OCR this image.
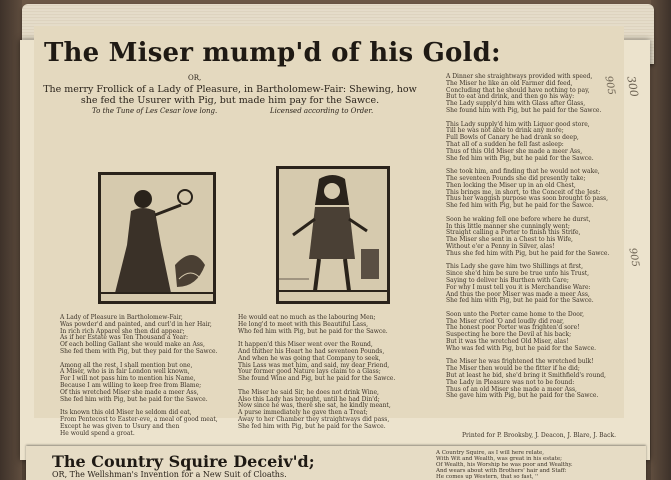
The Miser mump'd of his Gold:
OR,
The merry Frollick of a Lady of Pleasure, in Bartholomew-Fair: Shewing, how she fed the Usurer with Pig, but made him pay for the Sawce.
To the Tune of Les Cesar love long.	Licensed according to Order.
A Lady of Pleasure in Bartholomew-Fair,
Was powder'd and painted, and curl'd in her Hair,
In rich rich Apparel she then did appear;
As if her Estate was Ten Thousand a Year:
Of each bolling Gallant she would make an Ass,
She fed them with Pig, but they paid for the Sawce.

Among all the rest, I shall mention but one,
A Miser, who is in fair London well known,
For I will not pass him to mention his Name,
Because I am willing to keep free from Blame;
Of this wretched Miser she made a meer Ass,
She fed him with Pig, but he paid for the Sawce.

Its known this old Miser he seldom did eat,
From Pentecost to Easter-eve, a meal of good meat,
Except he was given to Usury and then
He would spend a groat.
He would eat no much as the labouring Men;
He long'd to meet with this Beautiful Lass,
Who fed him with Pig, but he paid for the Sawce.

It happen'd this Miser went over the Round,
And thither his Heart he had seventeen Pounds,
And when he was going that Company to seek,
This Lass was met him, and said, my dear Friend,
Your former good Nature lays claim to a Glass;
She found Wine and Pig, but he paid for the Sawce.

The Miser he said Sir, he does not drink Wine,
Also this Lady has brought, until he had Din'd;
Now since he was, there she sat, he kindly meant,
A purse immediately he gave then a Treat;
Away to her Chamber they straightways did pass,
She fed him with Pig, but he paid for the Sawce.
A Dinner she straightways provided with speed,
The Miser he like an old Farmer did feed,
Concluding that he should have nothing to pay,
But to eat and drink, and then go his way:
The Lady supply'd him with Glass after Glass,
She found him with Pig, but he paid for the Sawce.

This Lady supply'd him with Liquor good store,
Till he was not able to drink any more;
Full Bowls of Canary he had drank so deep,
That all of a sudden he fell fast asleep:
Thus of this Old Miser she made a meer Ass,
She fed him with Pig, but he paid for the Sawce.

She took him, and finding that he would not wake,
The seventeen Pounds she did presently take;
Then locking the Miser up in an old Chest,
This brings me, in short, to the Conceit of the Jest:
Thus her waggish purpose was soon brought to pass,
She fed him with Pig, but he paid for the Sawce.

Soon he waking fell one before where he durst,
In this little manner she cunningly went;
Straight calling a Porter to finish this Strife,
The Miser she sent in a Chest to his Wife,
Without e'er a Penny in Silver, alas!
Thus she fed him with Pig, but he paid for the Sawce.

This Lady she gave him two Shillings at first,
Since she'd him be sure be true unto his Trust,
Saying to deliver his Burthen with Care;
For why I must tell you it is Merchandise Ware:
And thus the poor Miser was made a meer Ass,
She fed him with Pig, but he paid for the Sawce.

Soon unto the Porter came home to the Door,
The Miser cried 'O and loudly did roar,
The honest poor Porter was frighten'd sore!
Suspecting he bore the Devil at his back;
But it was the wretched Old Miser, alas!
Who was fed with Pig, but he paid for the Sawce.

The Miser he was frightened the wretched bulk!
The Miser then would be the fitter if he did;
But at least he bid, she'd bring it Smithfield's round,
The Lady in Pleasure was not to be found:
Thus of an old Miser she made a meer Ass,
She gave him with Pig, but he paid for the Sawce.
Printed for P. Brooksby, J. Deacon, J. Blare, J. Back.
905 300
905
The Country Squire Deceiv'd;
OR, The Wellshman's Invention for a New Suit of Cloaths.
A Country Squire, as I will here relate,
With Wit and Wealth, was great in his estate;
Of Wealth, his Worship he was poor and Wealthy.
And wears about with Brothers' hair and Staff:
He comes up Western, that so fast, ''
